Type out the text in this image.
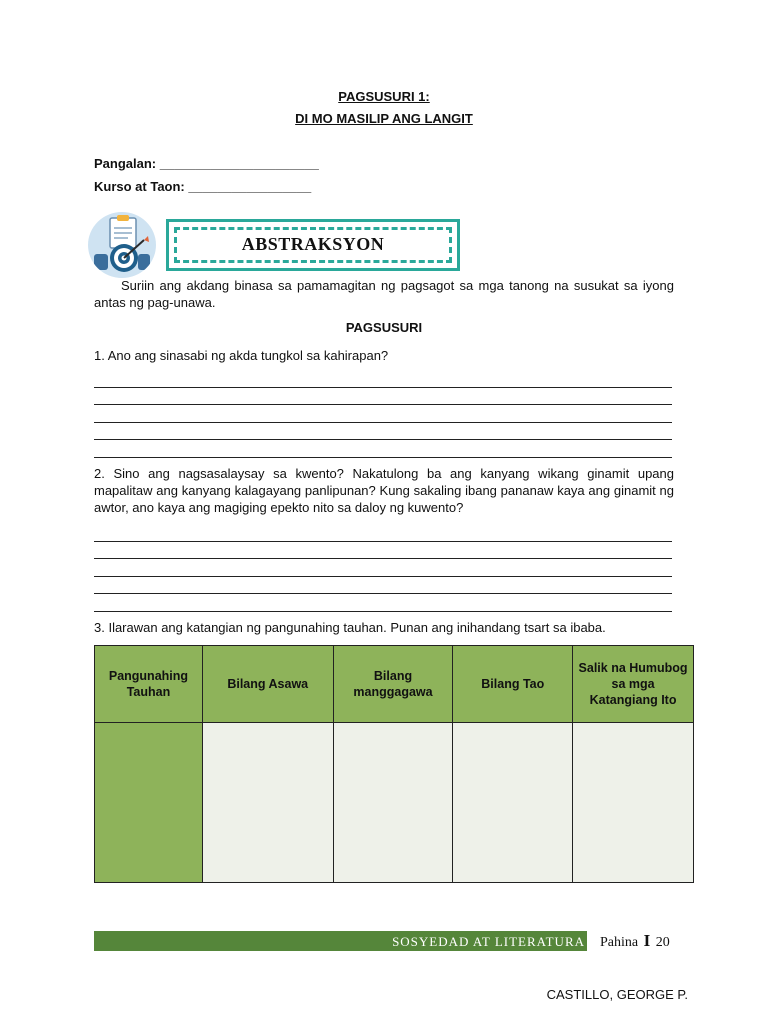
PAGSUSURI 1:
DI MO MASILIP ANG LANGIT
Pangalan: ______________________
Kurso at Taon: _________________
ABSTRAKSYON

Suriin ang akdang binasa sa pamamagitan ng pagsagot sa mga tanong na susukat sa iyong antas ng pag-unawa.

PAGSUSURI

1. Ano ang sinasabi ng akda tungkol sa kahirapan?

2. Sino ang nagsasalaysay sa kwento? Nakatulong ba ang kanyang wikang ginamit upang mapalitaw ang kanyang kalagayang panlipunan? Kung sakaling ibang pananaw kaya ang ginamit ng awtor, ano kaya ang magiging epekto nito sa daloy ng kuwento?

3. Ilarawan ang katangian ng pangunahing tauhan. Punan ang inihandang tsart sa ibaba.

Pangunahing Tauhan	Bilang Asawa	Bilang manggagawa	Bilang Tao	Salik na Humubog sa mga Katangiang Ito

SOSYEDAD AT LITERATURA Pahina I 20
CASTILLO, GEORGE P.
